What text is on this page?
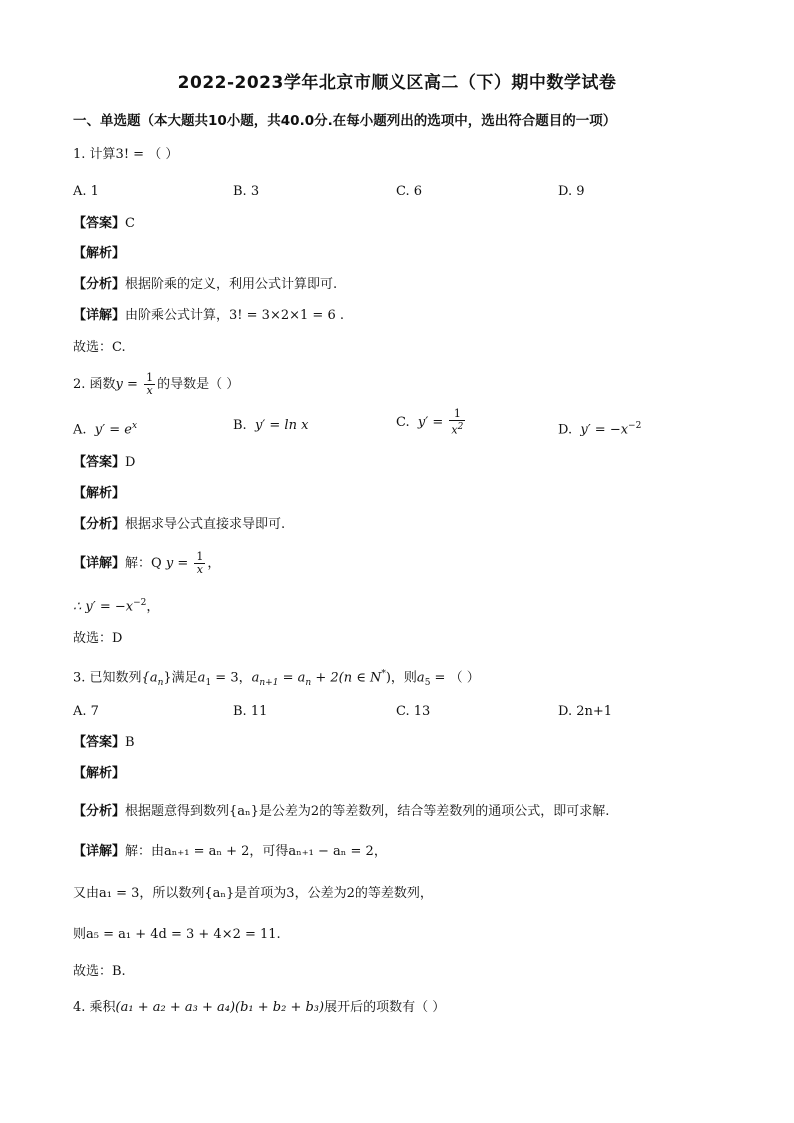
2022-2023学年北京市顺义区高二（下）期中数学试卷
一、单选题（本大题共10小题，共40.0分.在每小题列出的选项中，选出符合题目的一项）
1. 计算3! = （ ）
A. 1	B. 3	C. 6	D. 9
【答案】C
【解析】
【分析】根据阶乘的定义，利用公式计算即可.
【详解】由阶乘公式计算，3! = 3×2×1 = 6 .
故选：C.
2. 函数$y = \frac{1}{x}$ 的导数是（ ）
A. $y' = e^x$	B. y′ = ln x	C. $y' = \frac{1}{x^2}$	D. $y' = -x^{-2}$
【答案】D
【解析】
【分析】根据求导公式直接求导即可.
【详解】解：Q $y = \frac{1}{x}$ ，
∴ $y' = -x^{-2}$，
故选：D
3. 已知数列$\{a_n\}$满足$a_1 = 3$，$a_{n+1} = a_n + 2(n$ ∈ N*)，则$a_5$ = （ ）
A. 7	B. 11	C. 13	D. 2n+1
【答案】B
【解析】
【分析】根据题意得到数列{aₙ}是公差为2的等差数列，结合等差数列的通项公式，即可求解.
【详解】解：由aₙ₊₁ = aₙ + 2，可得aₙ₊₁ − aₙ = 2，
又由a₁ = 3，所以数列{aₙ}是首项为3，公差为2的等差数列，
则a₅ = a₁ + 4d = 3 + 4×2 = 11.
故选：B.
4. 乘积(a₁ + a₂ + a₃ + a₄)(b₁ + b₂ + b₃)展开后的项数有（ ）
